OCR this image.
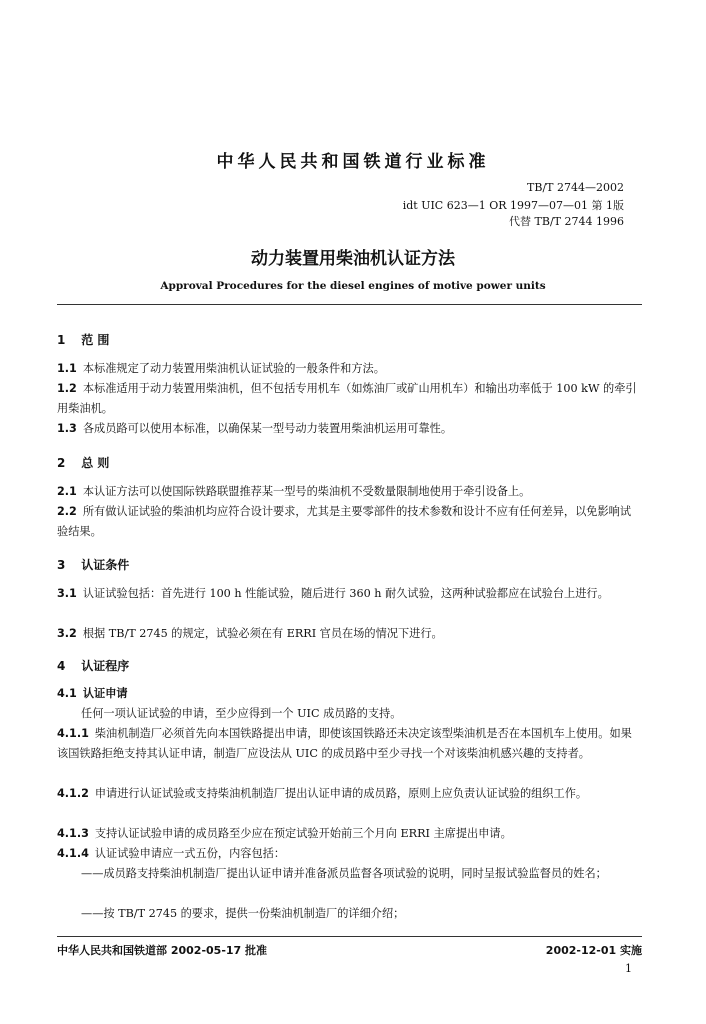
中华人民共和国铁道行业标准
TB/T 2744—2002
idt UIC 623—1 OR 1997—07—01 第 1版
代替 TB/T 2744 1996
动力装置用柴油机认证方法
Approval Procedures for the diesel engines of motive power units
1 范 围
1.1 本标准规定了动力装置用柴油机认证试验的一般条件和方法。
1.2 本标准适用于动力装置用柴油机，但不包括专用机车（如炼油厂或矿山用机车）和输出功率低于 100 kW 的牵引用柴油机。
1.3 各成员路可以使用本标准，以确保某一型号动力装置用柴油机运用可靠性。
2 总 则
2.1 本认证方法可以使国际铁路联盟推荐某一型号的柴油机不受数量限制地使用于牵引设备上。
2.2 所有做认证试验的柴油机均应符合设计要求，尤其是主要零部件的技术参数和设计不应有任何差异，以免影响试验结果。
3 认证条件
3.1 认证试验包括：首先进行 100 h 性能试验，随后进行 360 h 耐久试验，这两种试验都应在试验台上进行。
3.2 根据 TB/T 2745 的规定，试验必须在有 ERRI 官员在场的情况下进行。
4 认证程序
4.1 认证申请
任何一项认证试验的申请，至少应得到一个 UIC 成员路的支持。
4.1.1 柴油机制造厂必须首先向本国铁路提出申请，即使该国铁路还未决定该型柴油机是否在本国机车上使用。如果该国铁路拒绝支持其认证申请，制造厂应设法从 UIC 的成员路中至少寻找一个对该柴油机感兴趣的支持者。
4.1.2 申请进行认证试验或支持柴油机制造厂提出认证申请的成员路，原则上应负责认证试验的组织工作。
4.1.3 支持认证试验申请的成员路至少应在预定试验开始前三个月向 ERRI 主席提出申请。
4.1.4 认证试验申请应一式五份，内容包括：
——成员路支持柴油机制造厂提出认证申请并准备派员监督各项试验的说明，同时呈报试验监督员的姓名；
——按 TB/T 2745 的要求，提供一份柴油机制造厂的详细介绍；
中华人民共和国铁道部 2002-05-17 批准	2002-12-01 实施
1
